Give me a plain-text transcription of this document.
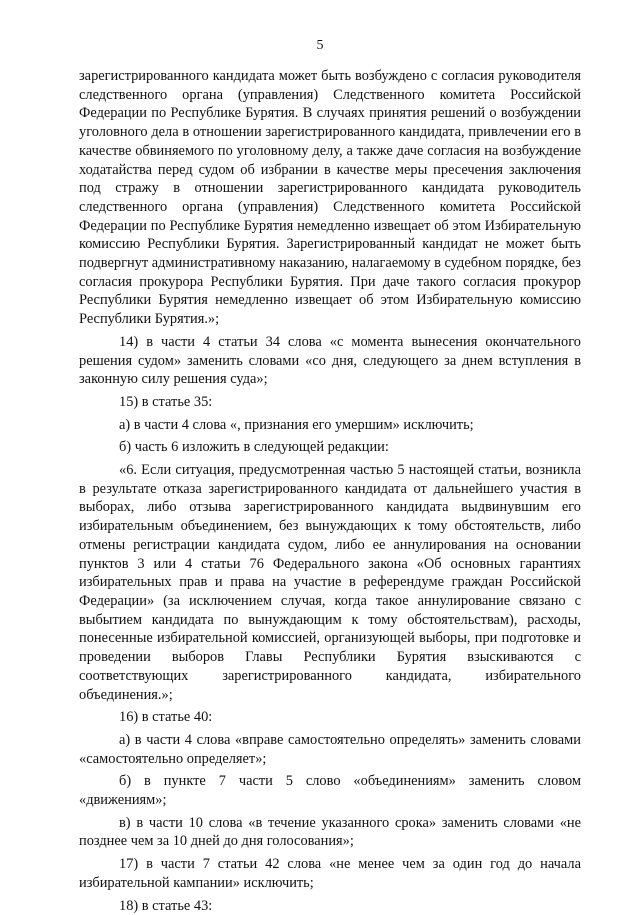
5

зарегистрированного кандидата может быть возбуждено с согласия руководителя следственного органа (управления) Следственного комитета Российской Федерации по Республике Бурятия. В случаях принятия решений о возбуждении уголовного дела в отношении зарегистрированного кандидата, привлечении его в качестве обвиняемого по уголовному делу, а также даче согласия на возбуждение ходатайства перед судом об избрании в качестве меры пресечения заключения под стражу в отношении зарегистрированного кандидата руководитель следственного органа (управления) Следственного комитета Российской Федерации по Республике Бурятия немедленно извещает об этом Избирательную комиссию Республики Бурятия. Зарегистрированный кандидат не может быть подвергнут административному наказанию, налагаемому в судебном порядке, без согласия прокурора Республики Бурятия. При даче такого согласия прокурор Республики Бурятия немедленно извещает об этом Избирательную комиссию Республики Бурятия.»;

14) в части 4 статьи 34 слова «с момента вынесения окончательного решения судом» заменить словами «со дня, следующего за днем вступления в законную силу решения суда»;

15) в статье 35:

а) в части 4 слова «, признания его умершим» исключить;

б) часть 6 изложить в следующей редакции:

«6. Если ситуация, предусмотренная частью 5 настоящей статьи, возникла в результате отказа зарегистрированного кандидата от дальнейшего участия в выборах, либо отзыва зарегистрированного кандидата выдвинувшим его избирательным объединением, без вынуждающих к тому обстоятельств, либо отмены регистрации кандидата судом, либо ее аннулирования на основании пунктов 3 или 4 статьи 76 Федерального закона «Об основных гарантиях избирательных прав и права на участие в референдуме граждан Российской Федерации» (за исключением случая, когда такое аннулирование связано с выбытием кандидата по вынуждающим к тому обстоятельствам), расходы, понесенные избирательной комиссией, организующей выборы, при подготовке и проведении выборов Главы Республики Бурятия взыскиваются с соответствующих зарегистрированного кандидата, избирательного объединения.»;

16) в статье 40:

а) в части 4 слова «вправе самостоятельно определять» заменить словами «самостоятельно определяет»;

б) в пункте 7 части 5 слово «объединениям» заменить словом «движениям»;

в) в части 10 слова «в течение указанного срока» заменить словами «не позднее чем за 10 дней до дня голосования»;

17) в части 7 статьи 42 слова «не менее чем за один год до начала избирательной кампании» исключить;

18) в статье 43:
